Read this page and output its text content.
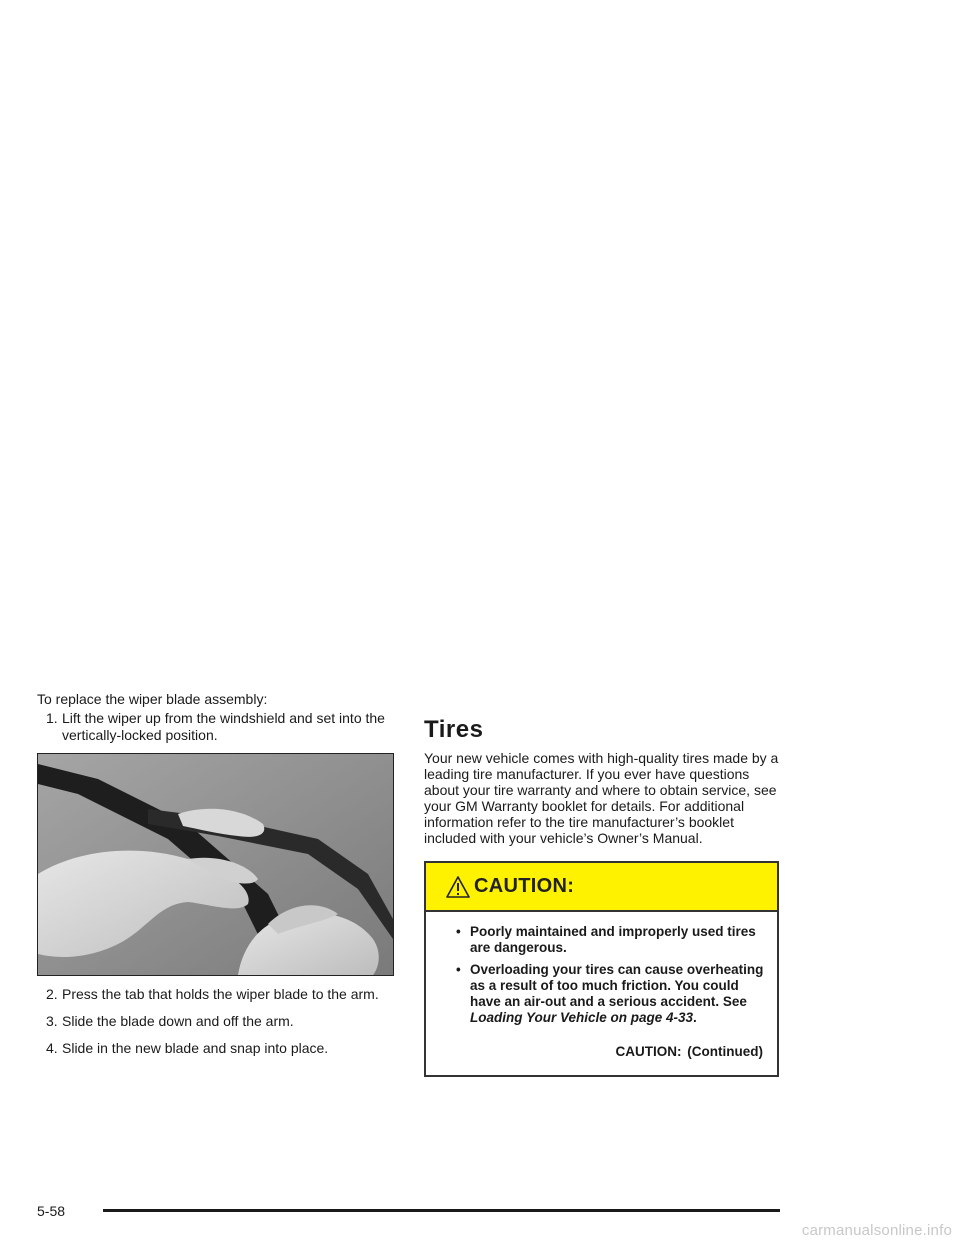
To replace the wiper blade assembly:

1. Lift the wiper up from the windshield and set into the vertically-locked position.

2. Press the tab that holds the wiper blade to the arm.

3. Slide the blade down and off the arm.

4. Slide in the new blade and snap into place.

Tires

Your new vehicle comes with high-quality tires made by a leading tire manufacturer. If you ever have questions about your tire warranty and where to obtain service, see your GM Warranty booklet for details. For additional information refer to the tire manufacturer’s booklet included with your vehicle’s Owner’s Manual.

CAUTION:
• Poorly maintained and improperly used tires are dangerous.
• Overloading your tires can cause overheating as a result of too much friction. You could have an air-out and a serious accident. See Loading Your Vehicle on page 4-33.
CAUTION: (Continued)
5-58
carmanualsonline.info
